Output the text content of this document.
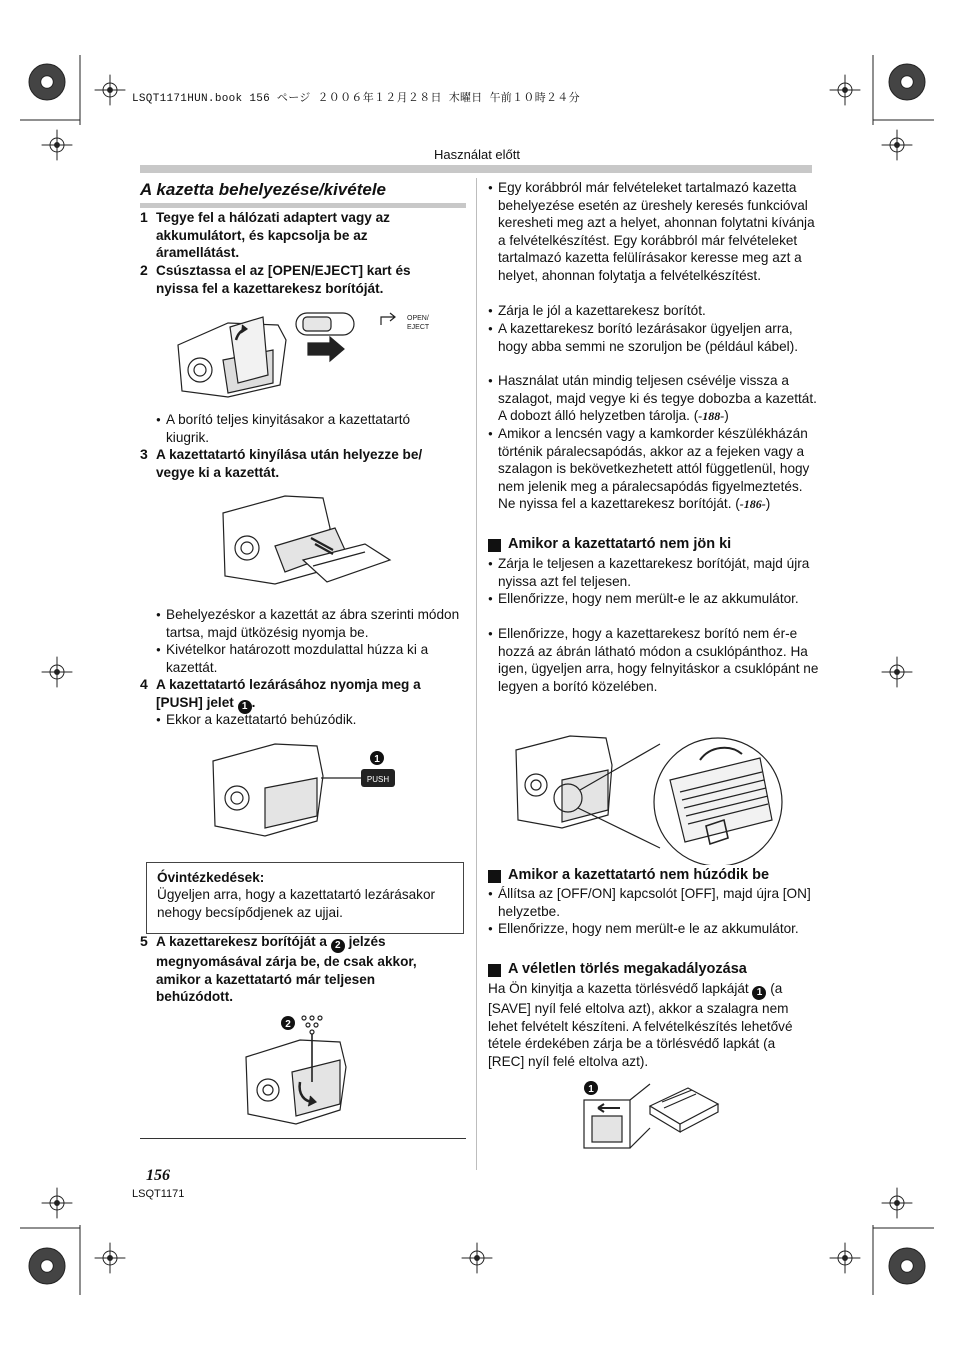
LSQT1171HUN.book 156 ページ ２００６年１２月２８日 木曜日 午前１０時２４分
Használat előtt
A kazetta behelyezése/kivétele
1 Tegye fel a hálózati adaptert vagy az akkumulátort, és kapcsolja be az áramellátást.
2 Csúsztassa el az [OPEN/EJECT] kart és nyissa fel a kazettarekesz borítóját.
OPEN/
EJECT
● A borító teljes kinyitásakor a kazettatartó kiugrik.
3 A kazettatartó kinyílása után helyezze be/ vegye ki a kazettát.
● Behelyezéskor a kazettát az ábra szerinti módon tartsa, majd ütközésig nyomja be.
● Kivételkor határozott mozdulattal húzza ki a kazettát.
4 A kazettatartó lezárásához nyomja meg a [PUSH] jelet 1 .
● Ekkor a kazettatartó behúzódik.
1
PUSH
Óvintézkedések:
Ügyeljen arra, hogy a kazettatartó lezárásakor nehogy becsípődjenek az ujjai.
5 A kazettarekesz borítóját a 2 jelzés megnyomásával zárja be, de csak akkor, amikor a kazettatartó már teljesen behúzódott.
2
● Egy korábbról már felvételeket tartalmazó kazetta behelyezése esetén az üreshely keresés funkcióval keresheti meg azt a helyet, ahonnan folytatni kívánja a felvételkészítést. Egy korábbról már felvételeket tartalmazó kazetta felülírásakor keresse meg azt a helyet, ahonnan folytatja a felvételkészítést.
● Zárja le jól a kazettarekesz borítót.
● A kazettarekesz borító lezárásakor ügyeljen arra, hogy abba semmi ne szoruljon be (például kábel).
● Használat után mindig teljesen csévélje vissza a szalagot, majd vegye ki és tegye dobozba a kazettát. A dobozt álló helyzetben tárolja. (-188-)
● Amikor a lencsén vagy a kamkorder készülékházán történik páralecsapódás, akkor az a fejeken vagy a szalagon is bekövetkezhetett attól függetlenül, hogy nem jelenik meg a páralecsapódás figyelmeztetés. Ne nyissa fel a kazettarekesz borítóját. (-186-)
Amikor a kazettatartó nem jön ki
● Zárja le teljesen a kazettarekesz borítóját, majd újra nyissa azt fel teljesen.
● Ellenőrizze, hogy nem merült-e le az akkumulátor.
● Ellenőrizze, hogy a kazettarekesz borító nem ér-e hozzá az ábrán látható módon a csuklópánthoz. Ha igen, ügyeljen arra, hogy felnyitáskor a csuklópánt ne legyen a borító közelében.
Amikor a kazettatartó nem húzódik be
● Állítsa az [OFF/ON] kapcsolót [OFF], majd újra [ON] helyzetbe.
● Ellenőrizze, hogy nem merült-e le az akkumulátor.
A véletlen törlés megakadályozása
Ha Ön kinyitja a kazetta törlésvédő lapkáját 1 (a [SAVE] nyíl felé eltolva azt), akkor a szalagra nem lehet felvételt készíteni. A felvételkészítés lehetővé tétele érdekében zárja be a törlésvédő lapkát (a [REC] nyíl felé eltolva azt).
1
156
LSQT1171
